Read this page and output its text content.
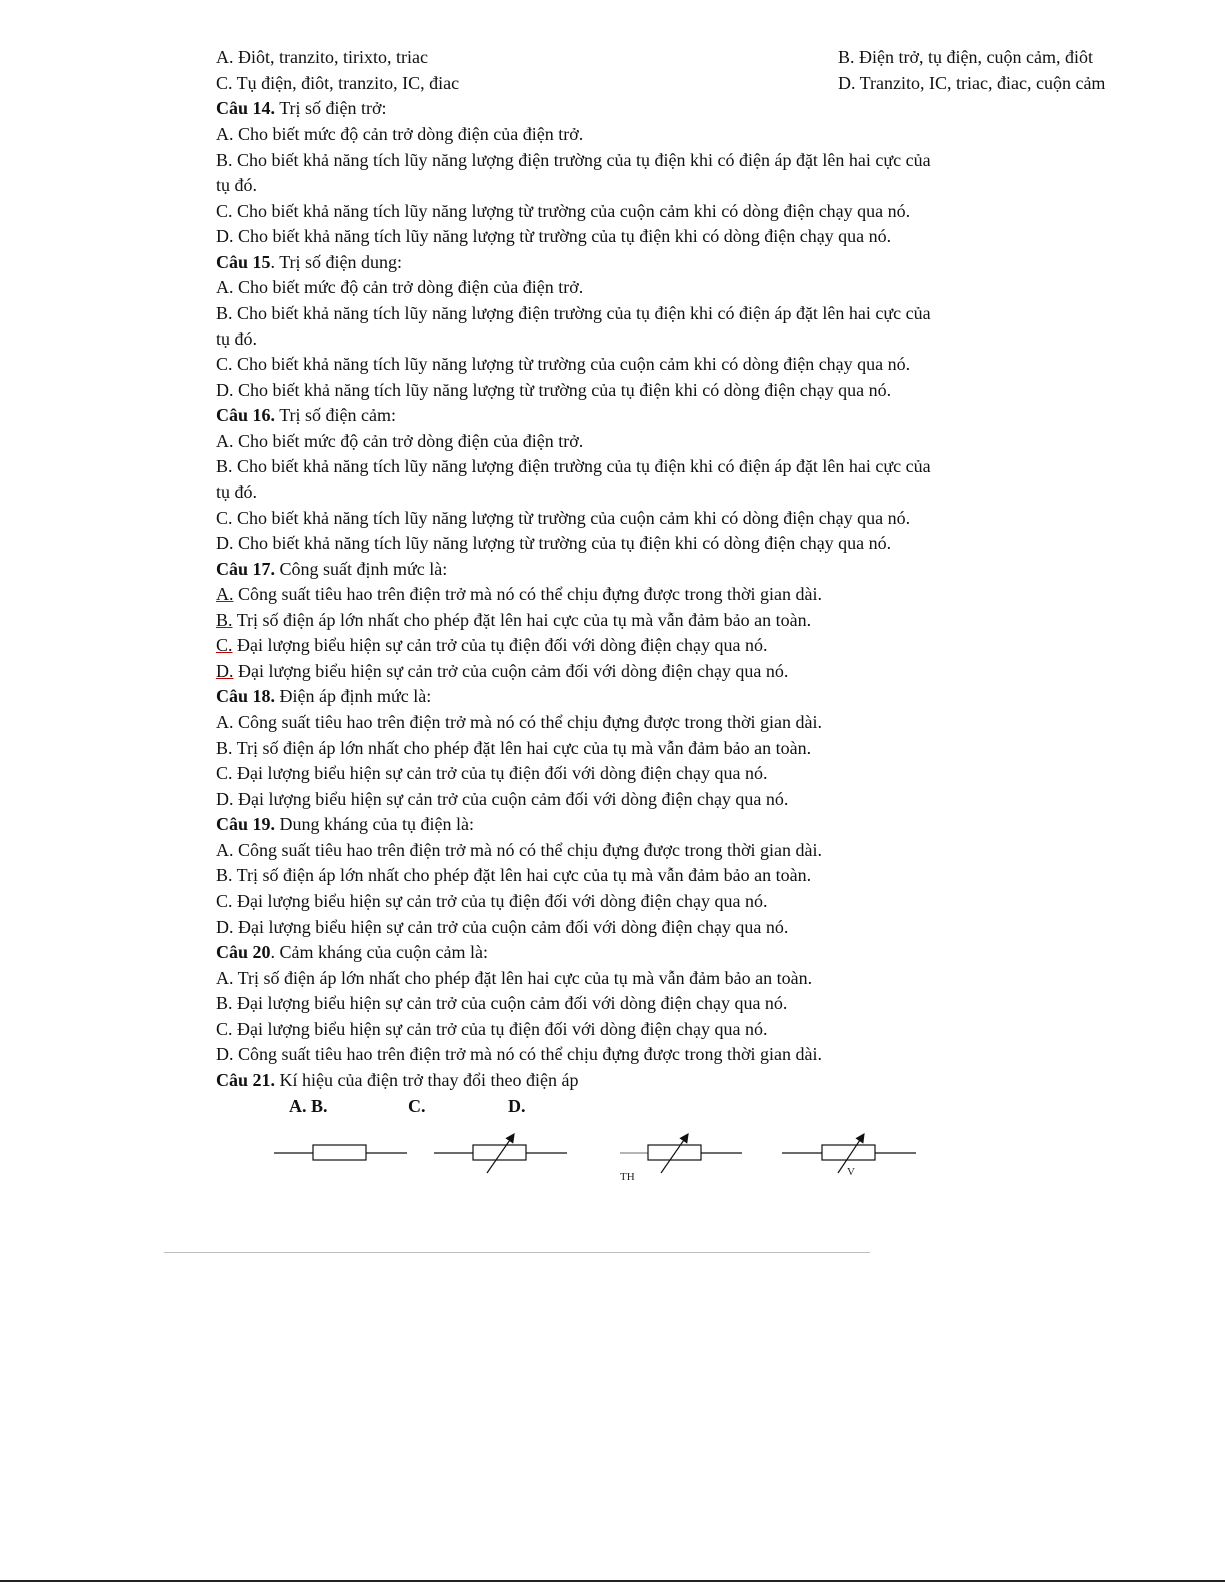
A. Điôt, tranzito, tirixto, triac	B. Điện trở, tụ điện, cuộn cảm, điôt
C. Tụ điện, điôt, tranzito, IC, điac	D. Tranzito, IC, triac, điac, cuộn cảm
Câu 14. Trị số điện trở:
A. Cho biết mức độ cản trở dòng điện của điện trở.
B. Cho biết khả năng tích lũy năng lượng điện trường của tụ điện khi có điện áp đặt lên hai cực của
tụ đó.
C. Cho biết khả năng tích lũy năng lượng từ trường của cuộn cảm khi có dòng điện chạy qua nó.
D. Cho biết khả năng tích lũy năng lượng từ trường của tụ điện khi có dòng điện chạy qua nó.
Câu 15. Trị số điện dung:
A. Cho biết mức độ cản trở dòng điện của điện trở.
B. Cho biết khả năng tích lũy năng lượng điện trường của tụ điện khi có điện áp đặt lên hai cực của
tụ đó.
C. Cho biết khả năng tích lũy năng lượng từ trường của cuộn cảm khi có dòng điện chạy qua nó.
D. Cho biết khả năng tích lũy năng lượng từ trường của tụ điện khi có dòng điện chạy qua nó.
Câu 16. Trị số điện cảm:
A. Cho biết mức độ cản trở dòng điện của điện trở.
B. Cho biết khả năng tích lũy năng lượng điện trường của tụ điện khi có điện áp đặt lên hai cực của
tụ đó.
C. Cho biết khả năng tích lũy năng lượng từ trường của cuộn cảm khi có dòng điện chạy qua nó.
D. Cho biết khả năng tích lũy năng lượng từ trường của tụ điện khi có dòng điện chạy qua nó.
Câu 17. Công suất định mức là:
A. Công suất tiêu hao trên điện trở mà nó có thể chịu đựng được trong thời gian dài.
B. Trị số điện áp lớn nhất cho phép đặt lên hai cực của tụ mà vẫn đảm bảo an toàn.
C. Đại lượng biểu hiện sự cản trở của tụ điện đối với dòng điện chạy qua nó.
D. Đại lượng biểu hiện sự cản trở của cuộn cảm đối với dòng điện chạy qua nó.
Câu 18. Điện áp định mức là:
A. Công suất tiêu hao trên điện trở mà nó có thể chịu đựng được trong thời gian dài.
B. Trị số điện áp lớn nhất cho phép đặt lên hai cực của tụ mà vẫn đảm bảo an toàn.
C. Đại lượng biểu hiện sự cản trở của tụ điện đối với dòng điện chạy qua nó.
D. Đại lượng biểu hiện sự cản trở của cuộn cảm đối với dòng điện chạy qua nó.
Câu 19. Dung kháng của tụ điện là:
A. Công suất tiêu hao trên điện trở mà nó có thể chịu đựng được trong thời gian dài.
B. Trị số điện áp lớn nhất cho phép đặt lên hai cực của tụ mà vẫn đảm bảo an toàn.
C. Đại lượng biểu hiện sự cản trở của tụ điện đối với dòng điện chạy qua nó.
D. Đại lượng biểu hiện sự cản trở của cuộn cảm đối với dòng điện chạy qua nó.
Câu 20. Cảm kháng của cuộn cảm là:
A. Trị số điện áp lớn nhất cho phép đặt lên hai cực của tụ mà vẫn đảm bảo an toàn.
B. Đại lượng biểu hiện sự cản trở của cuộn cảm đối với dòng điện chạy qua nó.
C. Đại lượng biểu hiện sự cản trở của tụ điện đối với dòng điện chạy qua nó.
D. Công suất tiêu hao trên điện trở mà nó có thể chịu đựng được trong thời gian dài.
Câu 21. Kí hiệu của điện trở thay đổi theo điện áp
A. B.	C.	D.
TH	V
